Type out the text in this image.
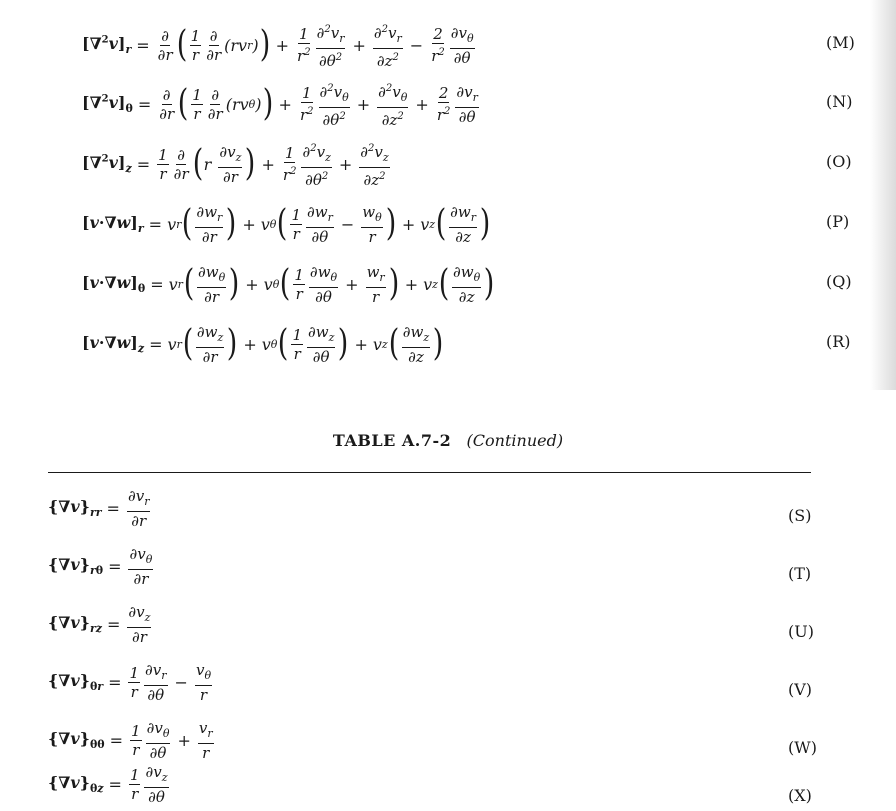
$[\nabla^2v]_r = \frac{\partial}{\partial r}$ ( $\frac{1}{r} \frac{\partial}{\partial r}$ ( rv r ) ) + $\frac{1}{r^2} \frac{\partial^2v_r}{\partial\theta^2} + \frac{\partial^2v_r}{\partial z^2} - \frac{2}{r^2} \frac{\partial v_\theta}{\partial\theta}$	(M)
$[\nabla^2v]_\theta = \frac{\partial}{\partial r}$ ( $\frac{1}{r} \frac{\partial}{\partial r}$ ( rv θ ) ) + $\frac{1}{r^2} \frac{\partial^2v_\theta}{\partial\theta^2} + \frac{\partial^2v_\theta}{\partial z^2} + \frac{2}{r^2} \frac{\partial v_r}{\partial\theta}$	(N)
$[\nabla^2v]_z = \frac{1}{r} \frac{\partial}{\partial r}$ ( r
$\frac{\partial v_z}{\partial r}$ ) + $\frac{1}{r^2} \frac{\partial^2v_z}{\partial\theta^2} + \frac{\partial^2v_z}{\partial z^2}$	(O)
$[v\cdot\nabla w]_r = v$ r ( $\frac{\partial w_r}{\partial r}$ ) + v θ ( $\frac{1}{r} \frac{\partial w_r}{\partial\theta} - \frac{w_\theta}{r}$ ) + v z ( $\frac{\partial w_r}{\partial z}$ )	(P)
$[v\cdot\nabla w]_\theta = v$ r ( $\frac{\partial w_\theta}{\partial r}$ ) + v θ ( $\frac{1}{r} \frac{\partial w_\theta}{\partial\theta} + \frac{w_r}{r}$ ) + v z ( $\frac{\partial w_\theta}{\partial z}$ )	(Q)
$[v\cdot\nabla w]_z = v$ r ( $\frac{\partial w_z}{\partial r}$ ) + v θ ( $\frac{1}{r} \frac{\partial w_z}{\partial\theta}$ ) + v z ( $\frac{\partial w_z}{\partial z}$ )	(R)
TABLE A.7-2 (Continued)
$\{\nabla v\}_{rr} = \frac{\partial v_r}{\partial r}$	(S)
$\{\nabla v\}_{r\theta} = \frac{\partial v_\theta}{\partial r}$	(T)
$\{\nabla v\}_{rz} = \frac{\partial v_z}{\partial r}$	(U)
$\{\nabla v\}_{\theta r} = \frac{1}{r} \frac{\partial v_r}{\partial\theta} - \frac{v_\theta}{r}$	(V)
$\{\nabla v\}_{\theta\theta} = \frac{1}{r} \frac{\partial v_\theta}{\partial\theta} + \frac{v_r}{r}$	(W)
$\{\nabla v\}_{\theta z} = \frac{1}{r} \frac{\partial v_z}{\partial\theta}$	(X)
